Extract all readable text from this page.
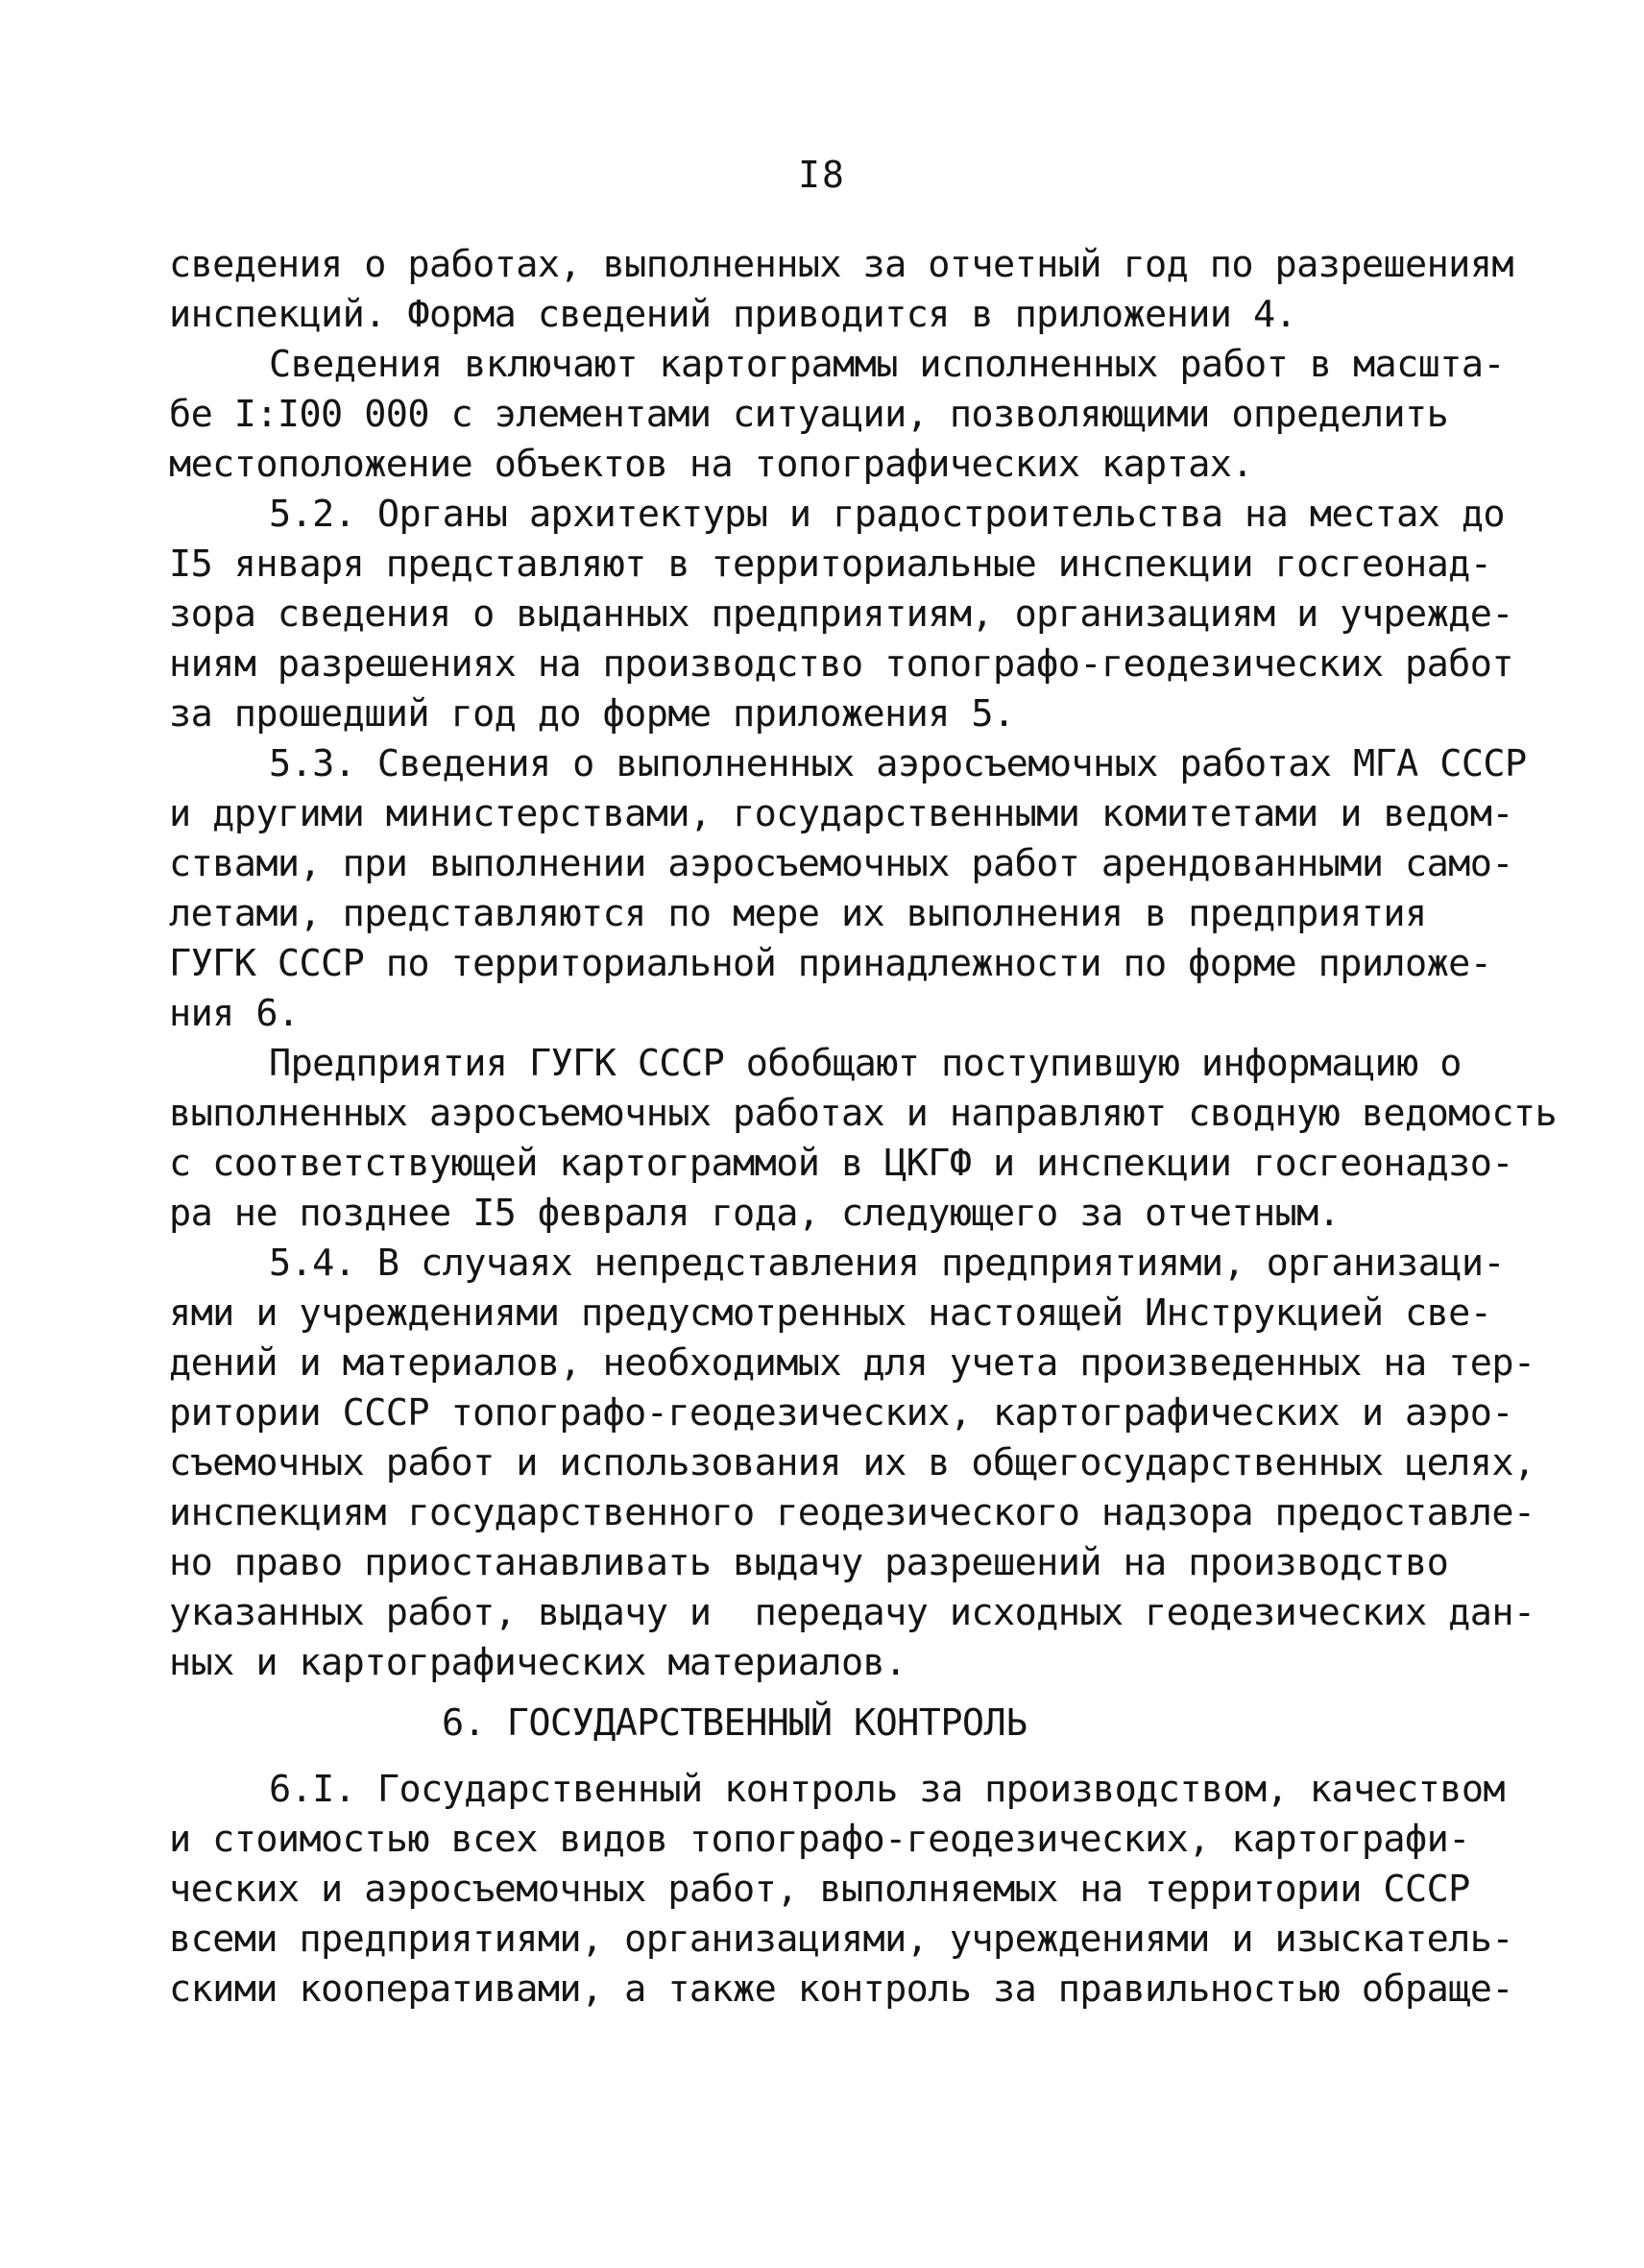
I8
сведения о работах, выполненных за отчетный год по разрешениям
инспекций. Форма сведений приводится в приложении 4.
Сведения включают картограммы исполненных работ в масшта-
бе I:I00 000 с элементами ситуации, позволяющими определить
местоположение объектов на топографических картах.
5.2. Органы архитектуры и градостроительства на местах до
I5 января представляют в территориальные инспекции госгеонад-
зора сведения о выданных предприятиям, организациям и учрежде-
ниям разрешениях на производство топографо-геодезических работ
за прошедший год до форме приложения 5.
5.3. Сведения о выполненных аэросъемочных работах МГА СССР
и другими министерствами, государственными комитетами и ведом-
ствами, при выполнении аэросъемочных работ арендованными само-
летами, представляются по мере их выполнения в предприятия
ГУГК СССР по территориальной принадлежности по форме приложе-
ния 6.
Предприятия ГУГК СССР обобщают поступившую информацию о
выполненных аэросъемочных работах и направляют сводную ведомость
с соответствующей картограммой в ЦКГФ и инспекции госгеонадзо-
ра не позднее I5 февраля года, следующего за отчетным.
5.4. В случаях непредставления предприятиями, организаци-
ями и учреждениями предусмотренных настоящей Инструкцией све-
дений и материалов, необходимых для учета произведенных на тер-
ритории СССР топографо-геодезических, картографических и аэро-
съемочных работ и использования их в общегосударственных целях,
инспекциям государственного геодезического надзора предоставле-
но право приостанавливать выдачу разрешений на производство
указанных работ, выдачу и  передачу исходных геодезических дан-
ных и картографических материалов.
6. ГОСУДАРСТВЕННЫЙ КОНТРОЛЬ
6.I. Государственный контроль за производством, качеством
и стоимостью всех видов топографо-геодезических, картографи-
ческих и аэросъемочных работ, выполняемых на территории СССР
всеми предприятиями, организациями, учреждениями и изыскатель-
скими кооперативами, а также контроль за правильностью обраще-
